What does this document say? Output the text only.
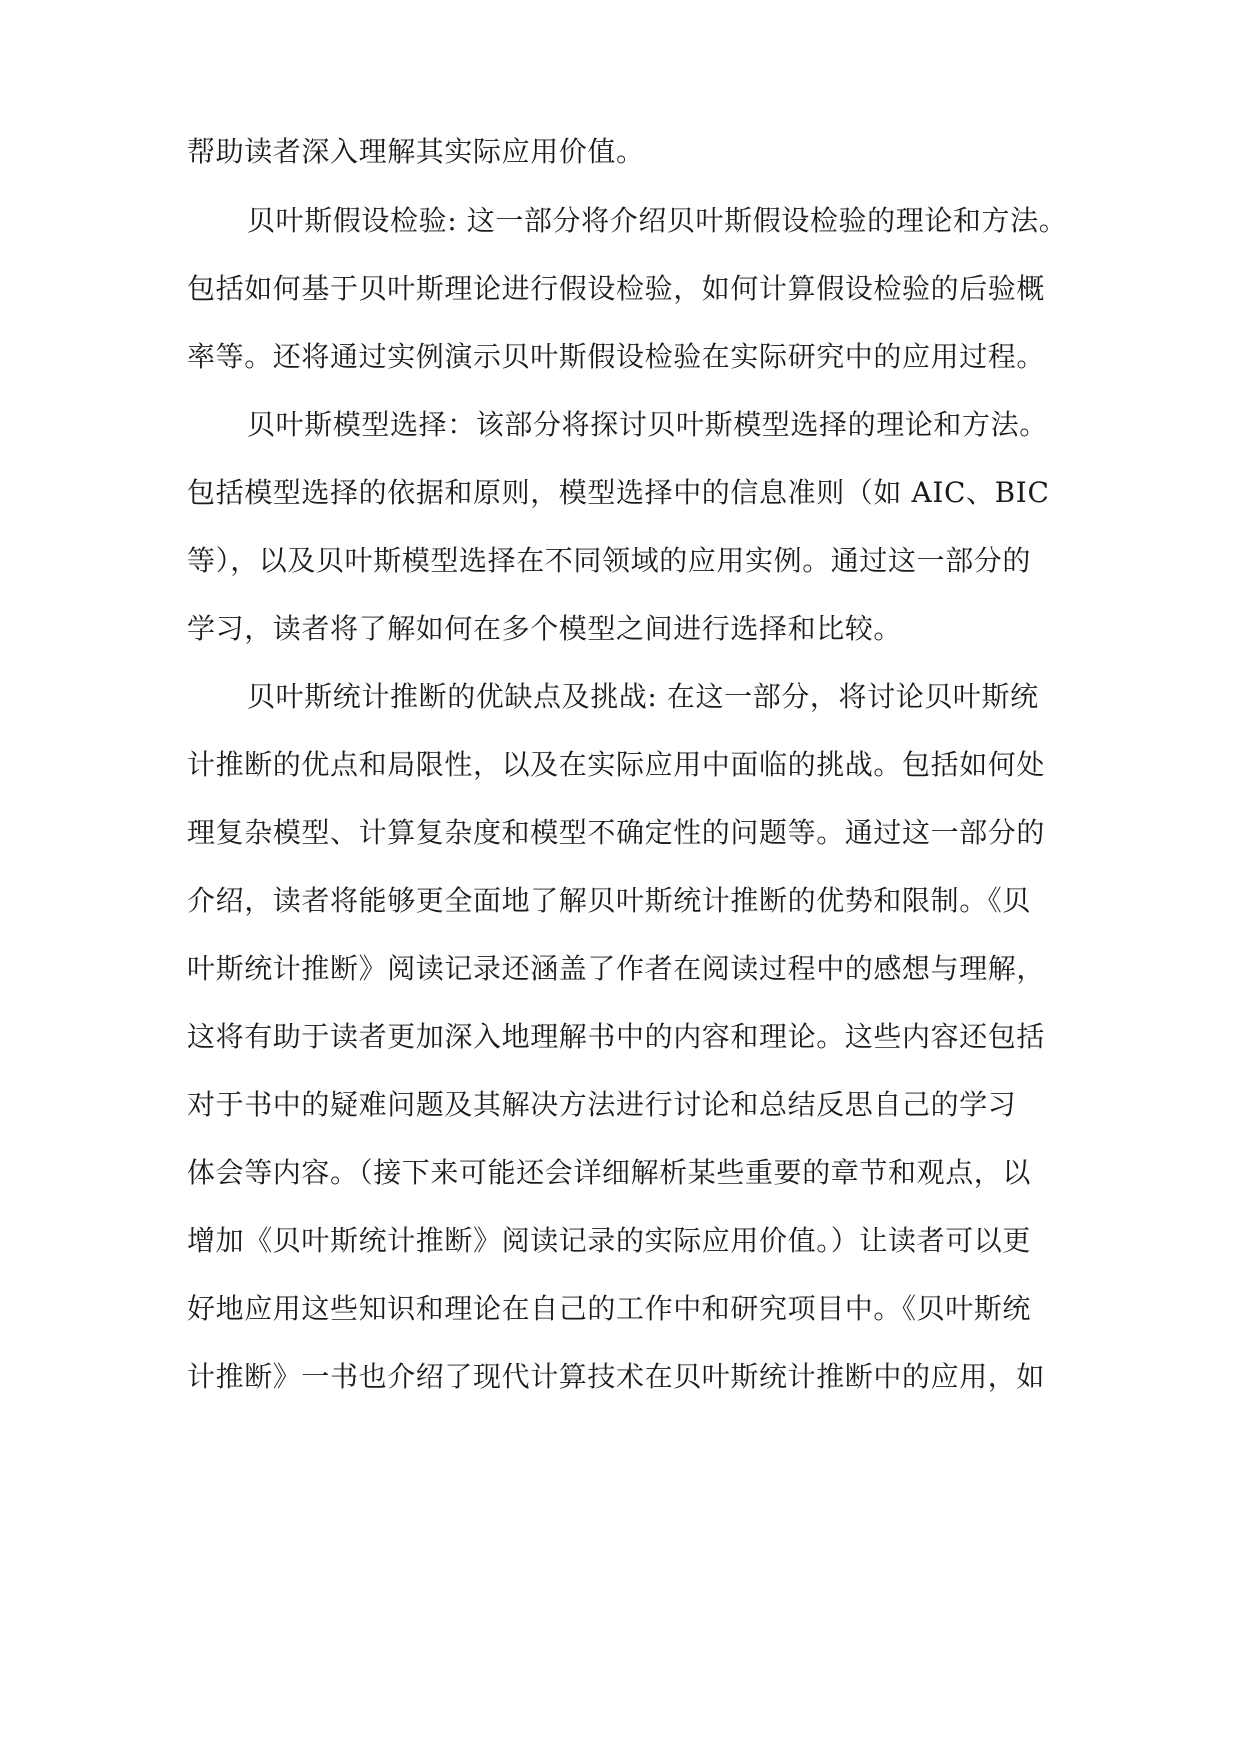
帮助读者深入理解其实际应用价值。
贝叶斯假设检验: 这一部分将介绍贝叶斯假设检验的理论和方法。
包括如何基于贝叶斯理论进行假设检验，如何计算假设检验的后验概
率等。还将通过实例演示贝叶斯假设检验在实际研究中的应用过程。
贝叶斯模型选择：该部分将探讨贝叶斯模型选择的理论和方法。
包括模型选择的依据和原则，模型选择中的信息准则（如 AIC、BIC
等），以及贝叶斯模型选择在不同领域的应用实例。通过这一部分的
学习，读者将了解如何在多个模型之间进行选择和比较。
贝叶斯统计推断的优缺点及挑战: 在这一部分，将讨论贝叶斯统
计推断的优点和局限性，以及在实际应用中面临的挑战。包括如何处
理复杂模型、计算复杂度和模型不确定性的问题等。通过这一部分的
介绍，读者将能够更全面地了解贝叶斯统计推断的优势和限制。《贝
叶斯统计推断》阅读记录还涵盖了作者在阅读过程中的感想与理解，
这将有助于读者更加深入地理解书中的内容和理论。这些内容还包括
对于书中的疑难问题及其解决方法进行讨论和总结反思自己的学习
体会等内容。（接下来可能还会详细解析某些重要的章节和观点，以
增加《贝叶斯统计推断》阅读记录的实际应用价值。）让读者可以更
好地应用这些知识和理论在自己的工作中和研究项目中。《贝叶斯统
计推断》一书也介绍了现代计算技术在贝叶斯统计推断中的应用，如
